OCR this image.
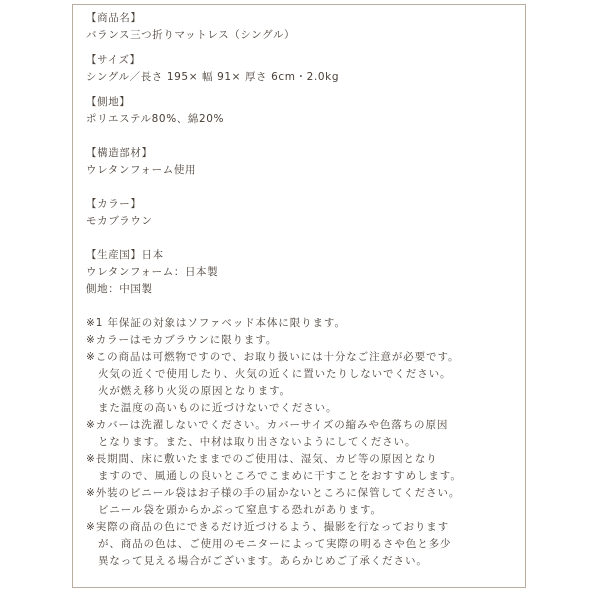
【商品名】
バランス三つ折りマットレス（シングル）
【サイズ】
シングル／長さ 195× 幅 91× 厚さ 6cm・2.0kg
【側地】
ポリエステル80%、綿20%
【構造部材】
ウレタンフォーム使用
【カラー】
モカブラウン
【生産国】日本
ウレタンフォーム：日本製
側地：中国製
※1 年保証の対象はソファベッド本体に限ります。
※カラーはモカブラウンに限ります。
※この商品は可燃物ですので、お取り扱いには十分なご注意が必要です。
火気の近くで使用したり、火気の近くに置いたりしないでください。
火が燃え移り火災の原因となります。
また温度の高いものに近づけないでください。
※カバーは洗濯しないでください。カバーサイズの縮みや色落ちの原因
となります。また、中材は取り出さないようにしてください。
※長期間、床に敷いたままでのご使用は、湿気、カビ等の原因となり
ますので、風通しの良いところでこまめに干すことをおすすめします。
※外装のビニール袋はお子様の手の届かないところに保管してください。
ビニール袋を頭からかぶって窒息する恐れがあります。
※実際の商品の色にできるだけ近づけるよう、撮影を行なっております
が、商品の色は、ご使用のモニターによって実際の明るさや色と多少
異なって見える場合がございます。あらかじめご了承ください。
